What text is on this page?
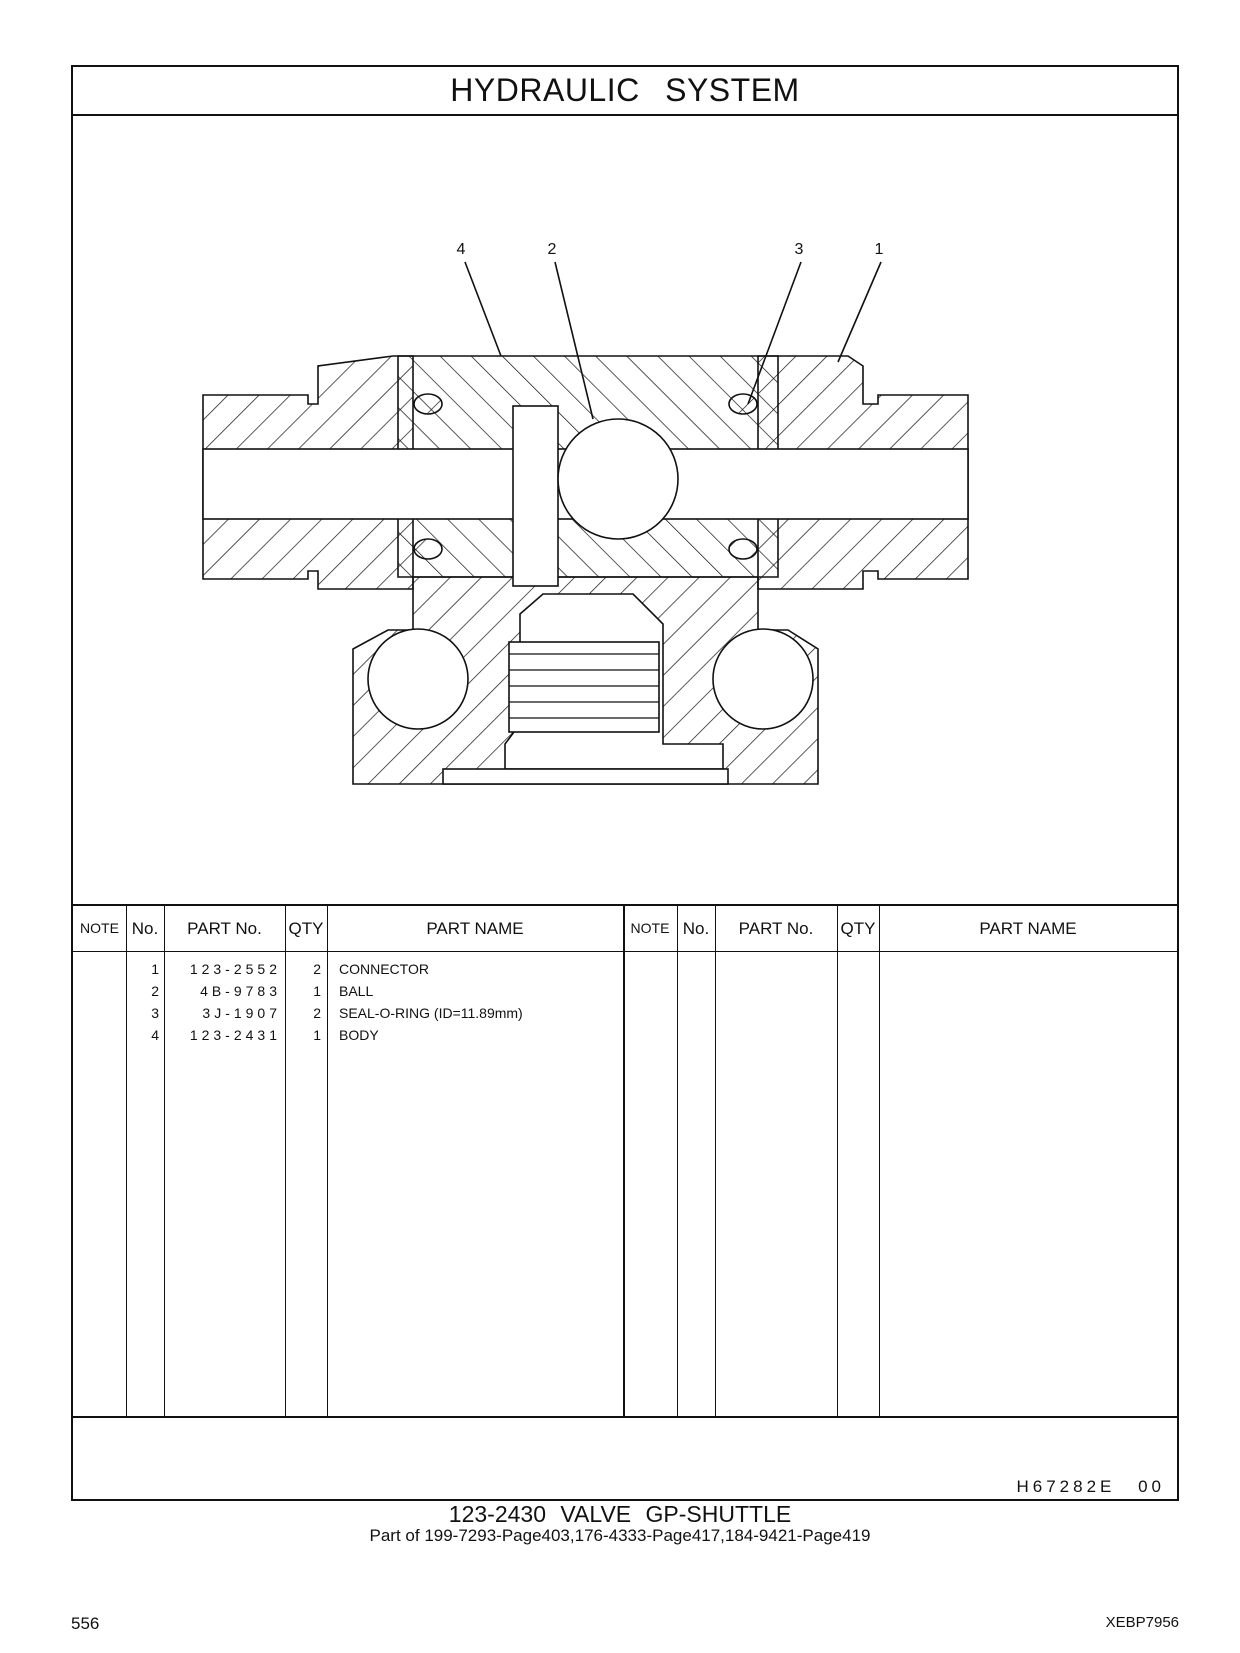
HYDRAULIC SYSTEM
4	2	3	1
NOTE No.	PART No.	QTY	PART NAME	NOTE No.	PART No.	QTY	PART NAME
1	123-2552	2 CONNECTOR
2	4B-9783	1 BALL
3	3J-1907	2 SEAL-O-RING (ID=11.89mm)
4	123-2431	1 BODY
H67282E 00
123-2430 VALVE GP-SHUTTLE
Part of 199-7293-Page403,176-4333-Page417,184-9421-Page419
556	XEBP7956
